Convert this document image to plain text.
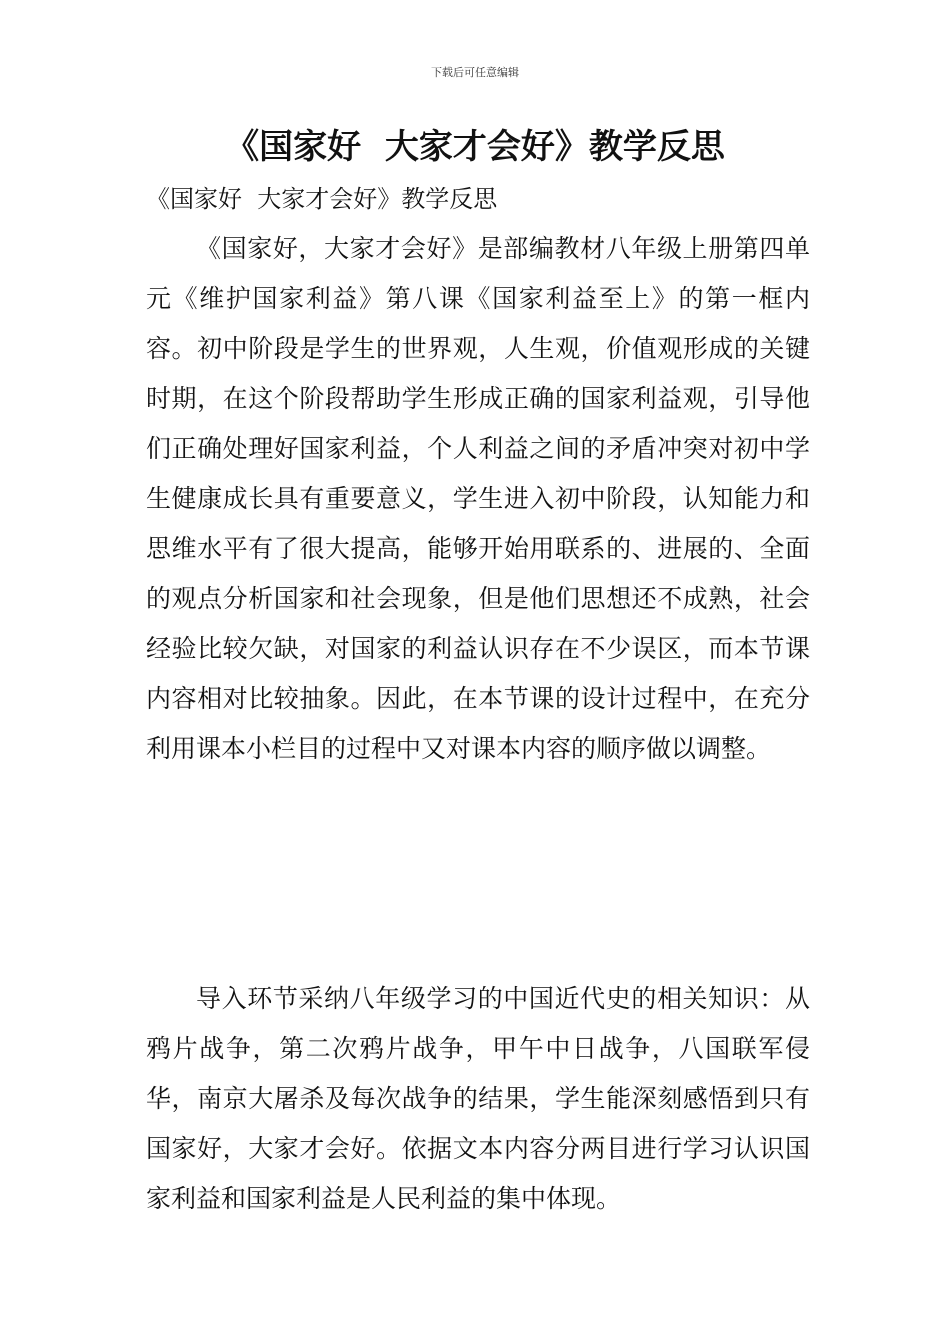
下载后可任意编辑
《国家好  大家才会好》教学反思
《国家好  大家才会好》教学反思

《国家好，大家才会好》是部编教材八年级上册第四单元《维护国家利益》第八课《国家利益至上》的第一框内容。初中阶段是学生的世界观，人生观，价值观形成的关键时期，在这个阶段帮助学生形成正确的国家利益观，引导他们正确处理好国家利益，个人利益之间的矛盾冲突对初中学生健康成长具有重要意义，学生进入初中阶段，认知能力和思维水平有了很大提高，能够开始用联系的、进展的、全面的观点分析国家和社会现象，但是他们思想还不成熟，社会经验比较欠缺，对国家的利益认识存在不少误区，而本节课内容相对比较抽象。因此，在本节课的设计过程中，在充分利用课本小栏目的过程中又对课本内容的顺序做以调整。

导入环节采纳八年级学习的中国近代史的相关知识：从鸦片战争，第二次鸦片战争，甲午中日战争，八国联军侵华，南京大屠杀及每次战争的结果，学生能深刻感悟到只有国家好，大家才会好。依据文本内容分两目进行学习认识国家利益和国家利益是人民利益的集中体现。
